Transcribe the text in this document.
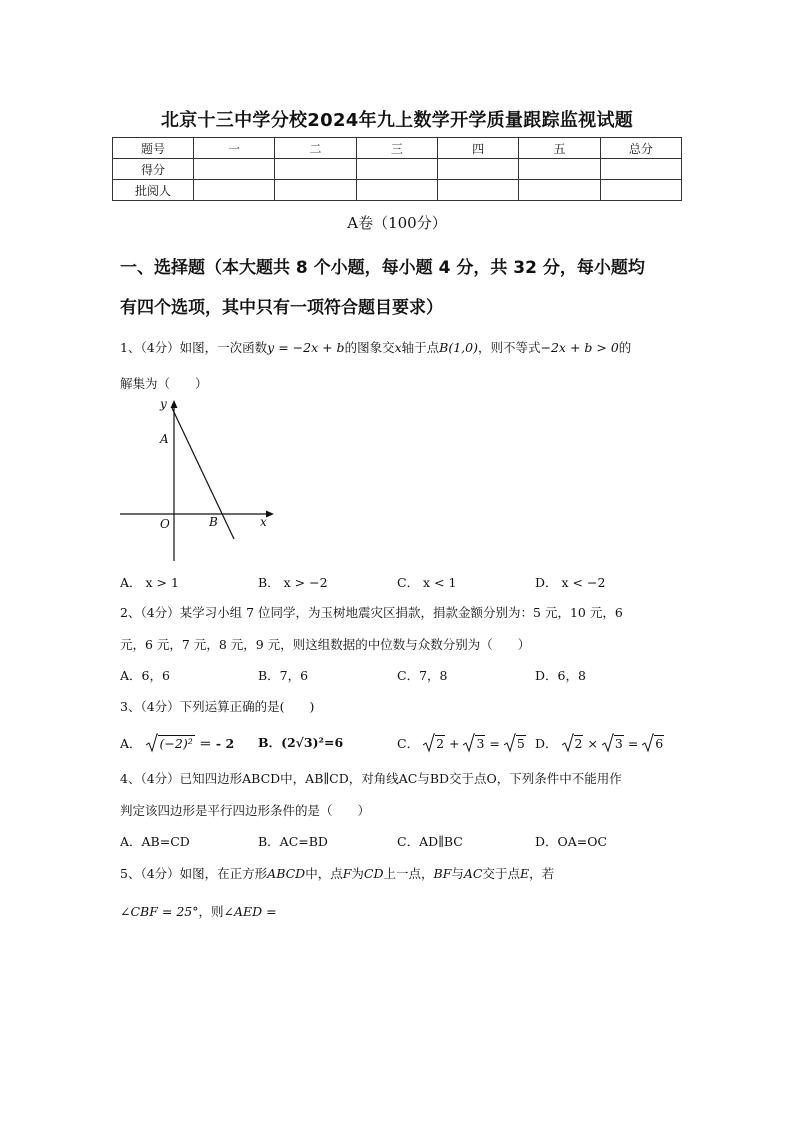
北京十三中学分校2024年九上数学开学质量跟踪监视试题
题号	一	二	三	四	五	总分
得分						
批阅人						
A卷（100分）
一、选择题（本大题共 8 个小题，每小题 4 分，共 32 分，每小题均
有四个选项，其中只有一项符合题目要求）
1、（4分）如图，一次函数y = −2x + b的图象交x轴于点B(1,0)，则不等式−2x + b > 0的
解集为（　　）
y
x
A
O	B
A． x > 1	B． x > −2	C． x < 1	D． x < −2
2、（4分）某学习小组 7 位同学，为玉树地震灾区捐款，捐款金额分别为：5 元，10 元，6
元，6 元，7 元，8 元，9 元，则这组数据的中位数与众数分别为（　　）
A．6，6	B．7，6	C．7，8	D．6，8
3、（4分）下列运算正确的是(　　)
A． (−2)² ＝ - 2 B．(2√3)²=6	C． 2 + 3 = 5 D． 2 × 3 = 6
4、（4分）已知四边形ABCD中，AB∥CD，对角线AC与BD交于点O，下列条件中不能用作
判定该四边形是平行四边形条件的是（　　）
A．AB=CD	B．AC=BD	C．AD∥BC	D．OA=OC
5、（4分）如图，在正方形ABCD中，点F为CD上一点，BF与AC交于点E，若
∠CBF = 25°，则∠AED =
